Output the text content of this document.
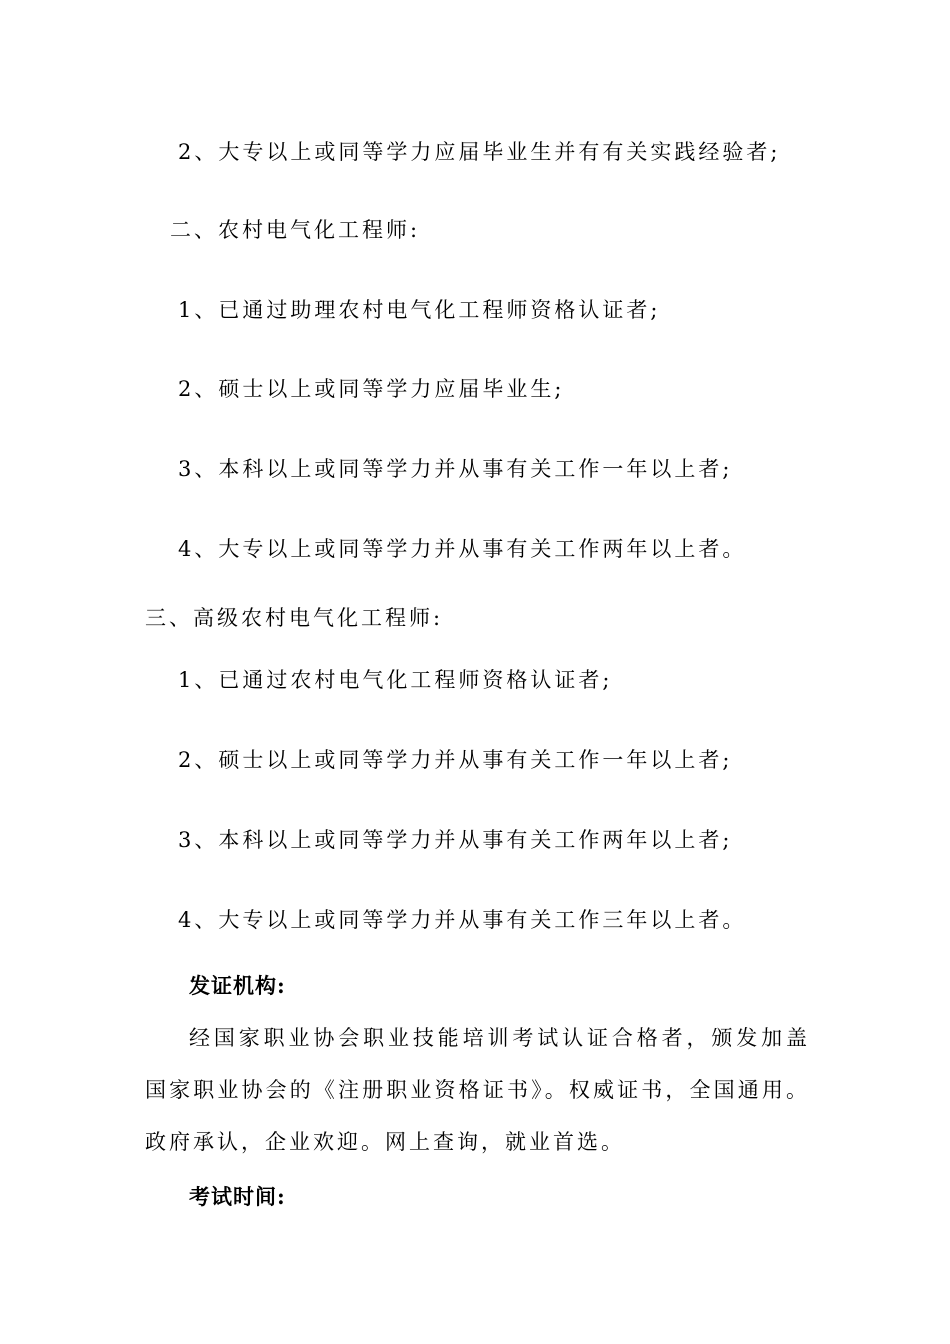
2、大专以上或同等学力应届毕业生并有有关实践经验者;
二、农村电气化工程师:
1、已通过助理农村电气化工程师资格认证者;
2、硕士以上或同等学力应届毕业生;
3、本科以上或同等学力并从事有关工作一年以上者;
4、大专以上或同等学力并从事有关工作两年以上者。
三、高级农村电气化工程师:
1、已通过农村电气化工程师资格认证者;
2、硕士以上或同等学力并从事有关工作一年以上者;
3、本科以上或同等学力并从事有关工作两年以上者;
4、大专以上或同等学力并从事有关工作三年以上者。
发证机构:
经国家职业协会职业技能培训考试认证合格者，颁发加盖国家职业协会的《注册职业资格证书》。权威证书，全国通用。政府承认，企业欢迎。网上查询，就业首选。
考试时间:
